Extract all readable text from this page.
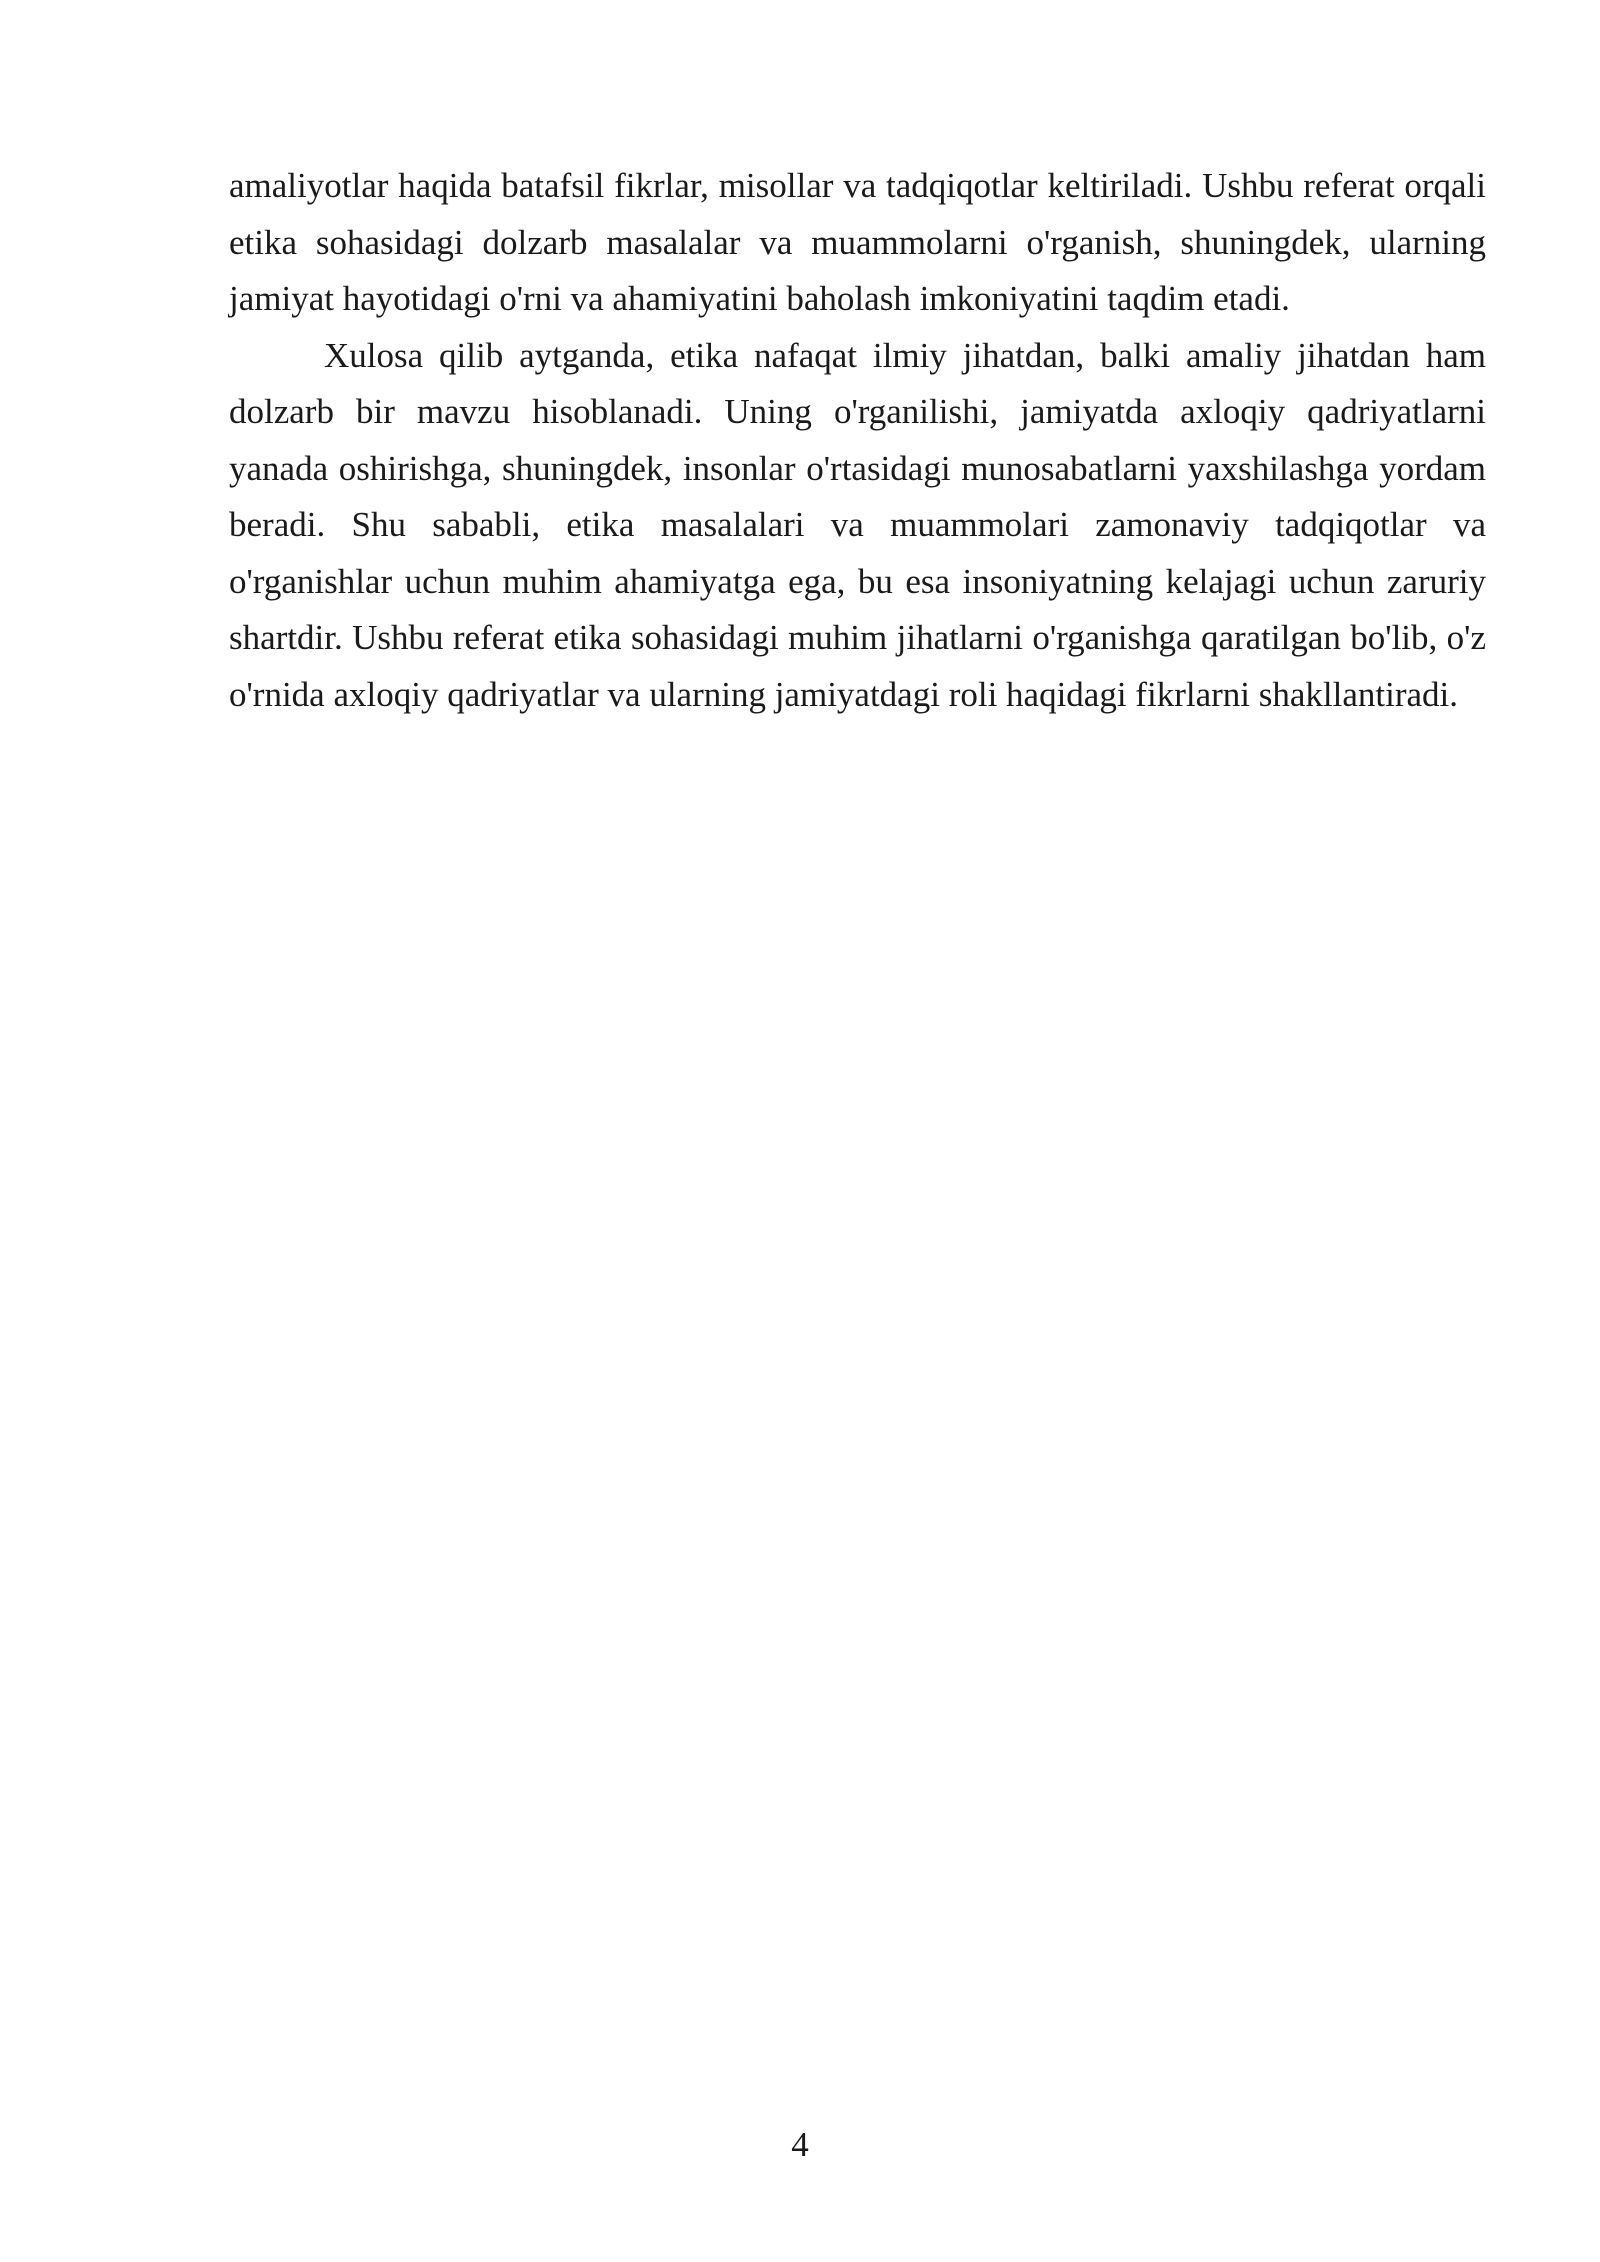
amaliyotlar haqida batafsil fikrlar, misollar va tadqiqotlar keltiriladi. Ushbu referat orqali etika sohasidagi dolzarb masalalar va muammolarni o'rganish, shuningdek, ularning jamiyat hayotidagi o'rni va ahamiyatini baholash imkoniyatini taqdim etadi.

Xulosa qilib aytganda, etika nafaqat ilmiy jihatdan, balki amaliy jihatdan ham dolzarb bir mavzu hisoblanadi. Uning o'rganilishi, jamiyatda axloqiy qadriyatlarni yanada oshirishga, shuningdek, insonlar o'rtasidagi munosabatlarni yaxshilashga yordam beradi. Shu sababli, etika masalalari va muammolari zamonaviy tadqiqotlar va o'rganishlar uchun muhim ahamiyatga ega, bu esa insoniyatning kelajagi uchun zaruriy shartdir. Ushbu referat etika sohasidagi muhim jihatlarni o'rganishga qaratilgan bo'lib, o'z o'rnida axloqiy qadriyatlar va ularning jamiyatdagi roli haqidagi fikrlarni shakllantiradi.

4
